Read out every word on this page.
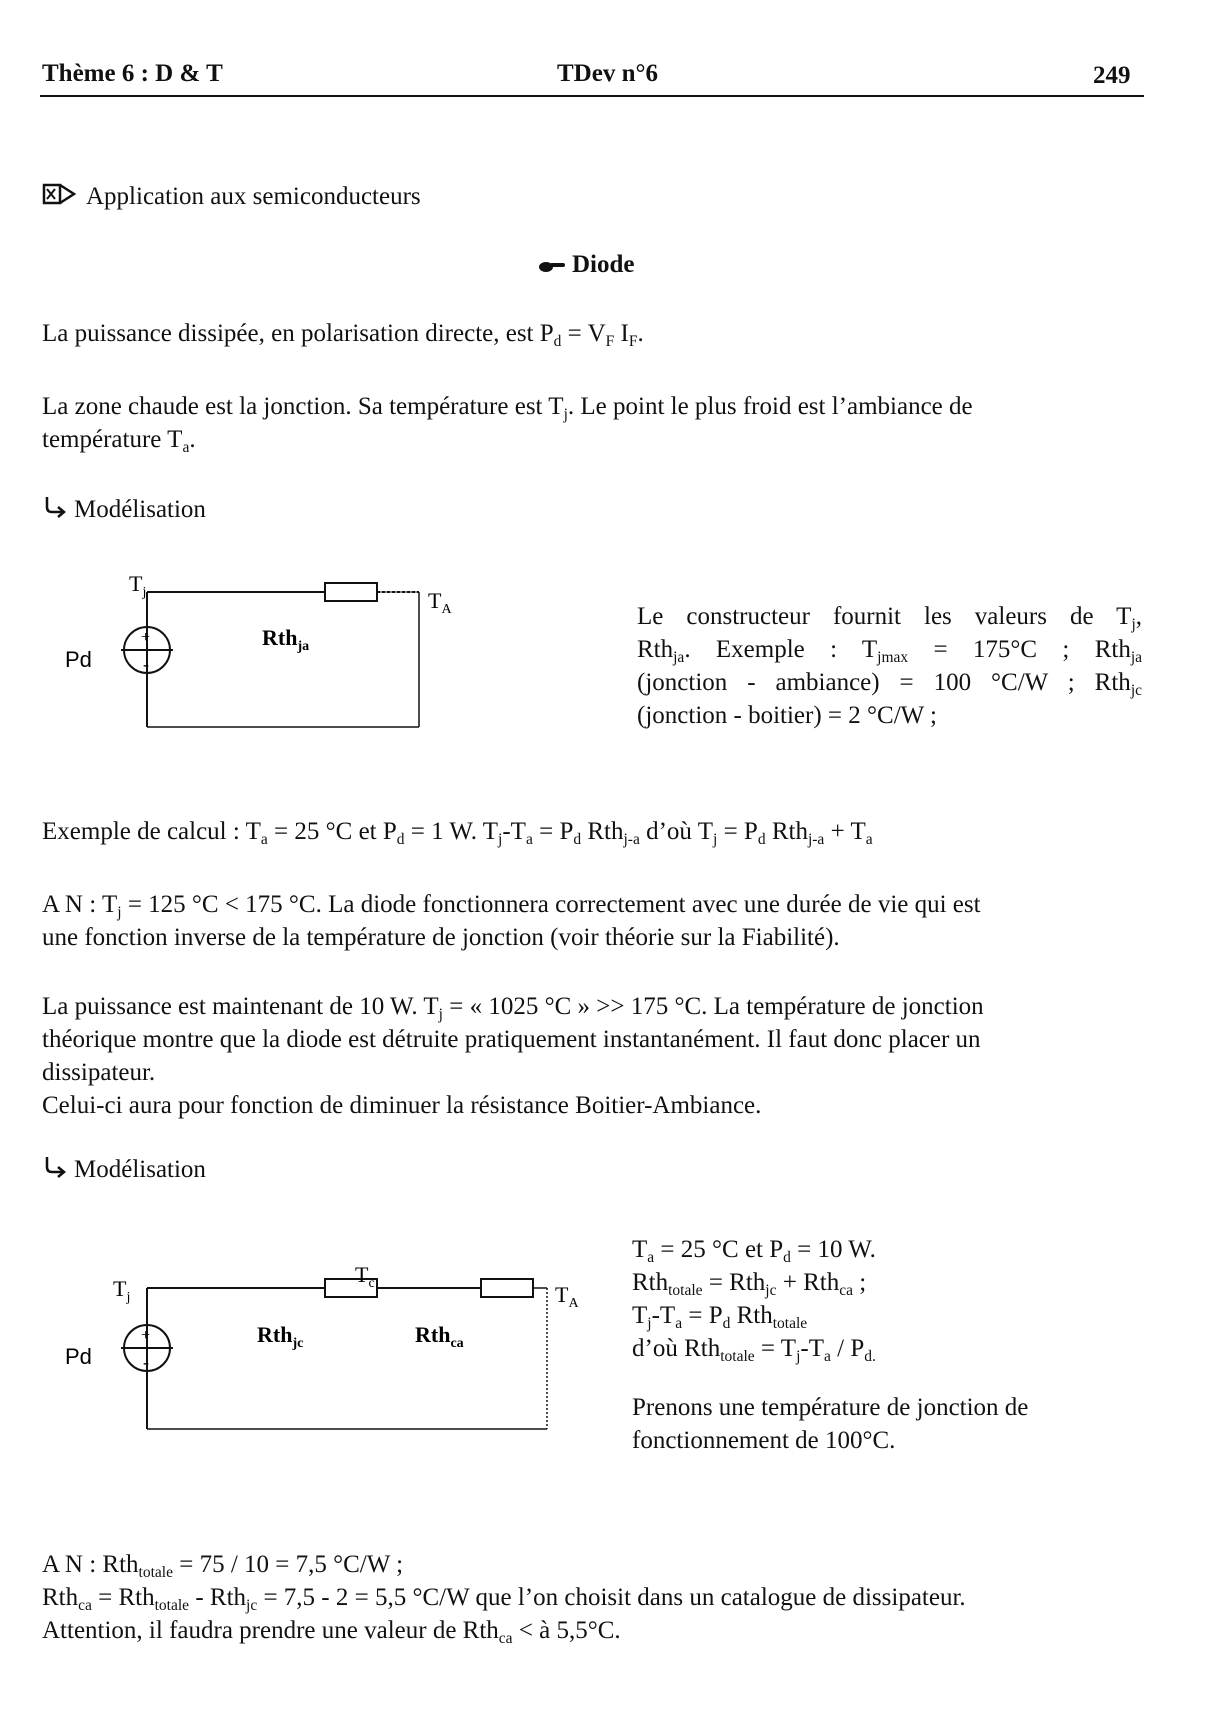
Thème 6 : D & T	TDev n°6	249
Application aux semiconducteurs
Diode
La puissance dissipée, en polarisation directe, est $P_d = V_F$ $I_F$.
La zone chaude est la jonction. Sa température est $T_j$. Le point le plus froid est l’ambiance de
température $T_a$.
Modélisation
$T_j$	$T_A$
Pd
+
-
Rth$_{ja}$
Le constructeur fournit les valeurs de $T_j$,
Rth$_{ja}$. Exemple : $T_{jmax} = 175^\circ C$ ; Rth$_{ja}$
(jonction - ambiance) = 100 °C/W ; Rth$_{jc}$
(jonction - boitier) = 2 °C/W ;
Exemple de calcul : $T_a = 25$ °C et $P_d = 1$ W. $T_j-T_a = P_d$ Rth$_{j-a}$ d’où $T_j = P_d$ $Rth_{j-a} + T_a$
A N : $T_j = 125$ °C < 175 °C. La diode fonctionnera correctement avec une durée de vie qui est
une fonction inverse de la température de jonction (voir théorie sur la Fiabilité).
La puissance est maintenant de 10 W. $T_j$ = « 1025 °C » >> 175 °C. La température de jonction
théorique montre que la diode est détruite pratiquement instantanément. Il faut donc placer un
dissipateur.
Celui-ci aura pour fonction de diminuer la résistance Boitier-Ambiance.
Modélisation
$T_j$
$T_c$	$T_A$
Pd
+
-
Rth$_{jc}$	Rth$_{ca}$
$T_a = 25$ °C et $P_d = 10$ W.
Rth$_{totale}$ = Rth$_{jc}$ + Rth$_{ca}$ ;
$T_j-T_a = P_d$ Rth$_{totale}$
d’où $Rth_{totale} = T_j-T_a / P_{d.}$
Prenons une température de jonction de
fonctionnement de 100°C.
A N : Rth$_{totale}$ = 75 / 10 = 7,5 °C/W ;
Rth$_{ca}$ = Rth$_{totale}$ - Rth$_{jc}$ = 7,5 - 2 = 5,5 °C/W que l’on choisit dans un catalogue de dissipateur.
Attention, il faudra prendre une valeur de Rth$_{ca}$ < à 5,5°C.
